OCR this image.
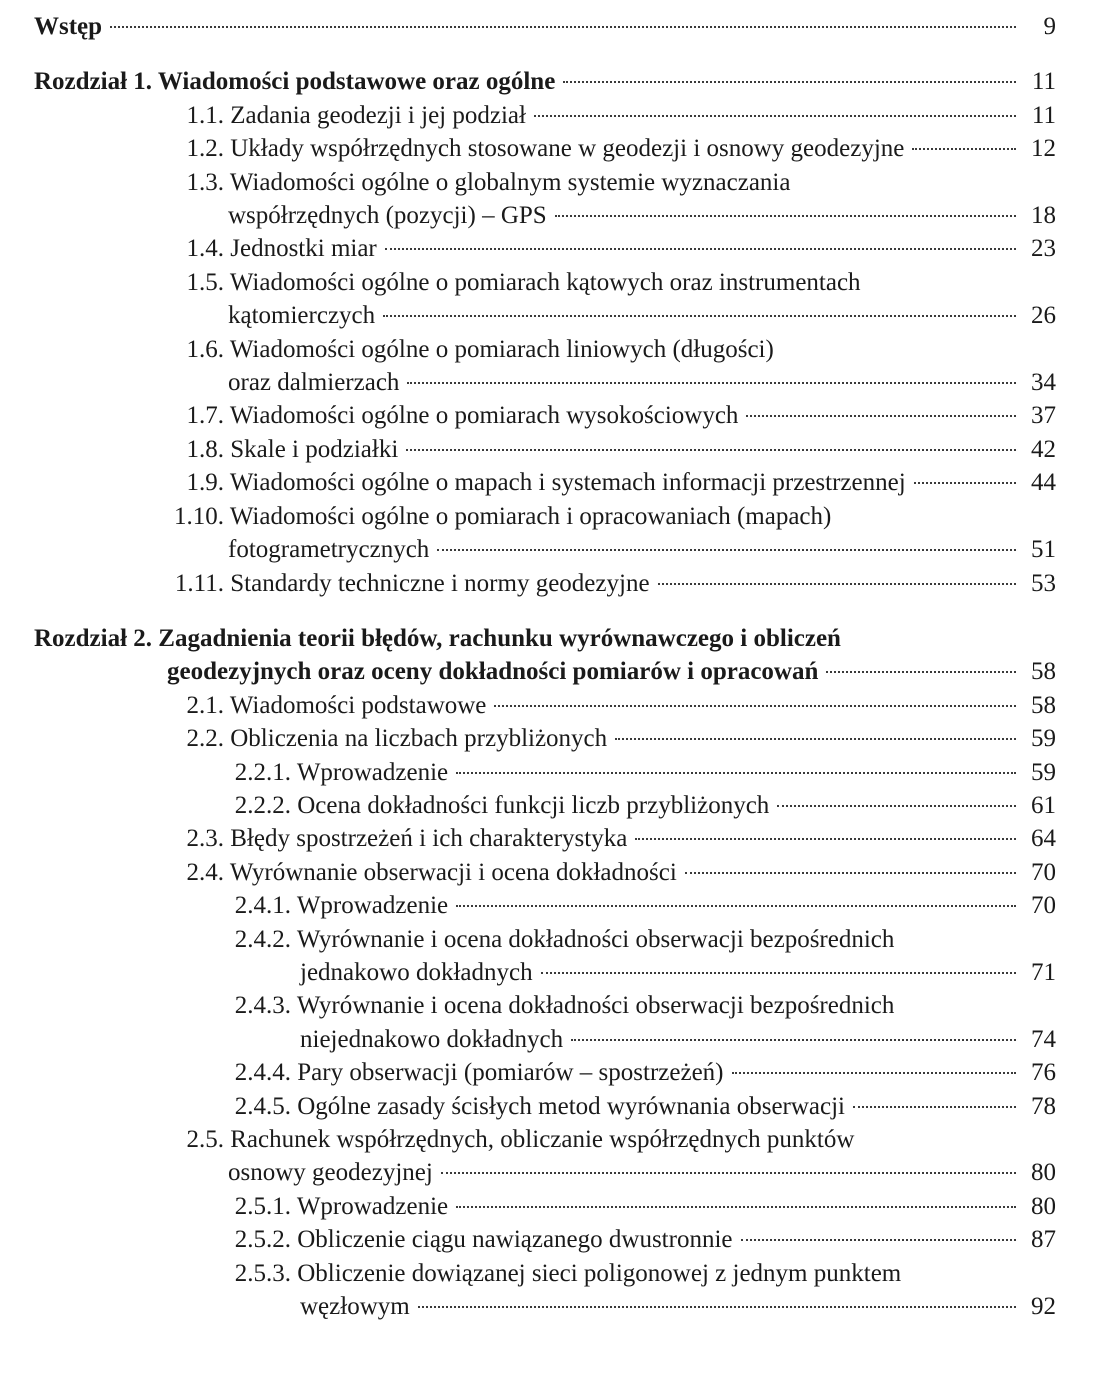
Wstęp	9
Rozdział 1. Wiadomości podstawowe oraz ogólne	11
1.1. Zadania geodezji i jej podział	11
1.2. Układy współrzędnych stosowane w geodezji i osnowy geodezyjne	12
1.3. Wiadomości ogólne o globalnym systemie wyznaczania
współrzędnych (pozycji) – GPS	18
1.4. Jednostki miar	23
1.5. Wiadomości ogólne o pomiarach kątowych oraz instrumentach
kątomierczych	26
1.6. Wiadomości ogólne o pomiarach liniowych (długości)
oraz dalmierzach	34
1.7. Wiadomości ogólne o pomiarach wysokościowych	37
1.8. Skale i podziałki	42
1.9. Wiadomości ogólne o mapach i systemach informacji przestrzennej	44
1.10. Wiadomości ogólne o pomiarach i opracowaniach (mapach)
fotogrametrycznych	51
1.11. Standardy techniczne i normy geodezyjne	53
Rozdział 2. Zagadnienia teorii błędów, rachunku wyrównawczego i obliczeń
geodezyjnych oraz oceny dokładności pomiarów i opracowań	58
2.1. Wiadomości podstawowe	58
2.2. Obliczenia na liczbach przybliżonych	59
2.2.1. Wprowadzenie	59
2.2.2. Ocena dokładności funkcji liczb przybliżonych	61
2.3. Błędy spostrzeżeń i ich charakterystyka	64
2.4. Wyrównanie obserwacji i ocena dokładności	70
2.4.1. Wprowadzenie	70
2.4.2. Wyrównanie i ocena dokładności obserwacji bezpośrednich
jednakowo dokładnych	71
2.4.3. Wyrównanie i ocena dokładności obserwacji bezpośrednich
niejednakowo dokładnych	74
2.4.4. Pary obserwacji (pomiarów – spostrzeżeń)	76
2.4.5. Ogólne zasady ścisłych metod wyrównania obserwacji	78
2.5. Rachunek współrzędnych, obliczanie współrzędnych punktów
osnowy geodezyjnej	80
2.5.1. Wprowadzenie	80
2.5.2. Obliczenie ciągu nawiązanego dwustronnie	87
2.5.3. Obliczenie dowiązanej sieci poligonowej z jednym punktem
węzłowym	92
